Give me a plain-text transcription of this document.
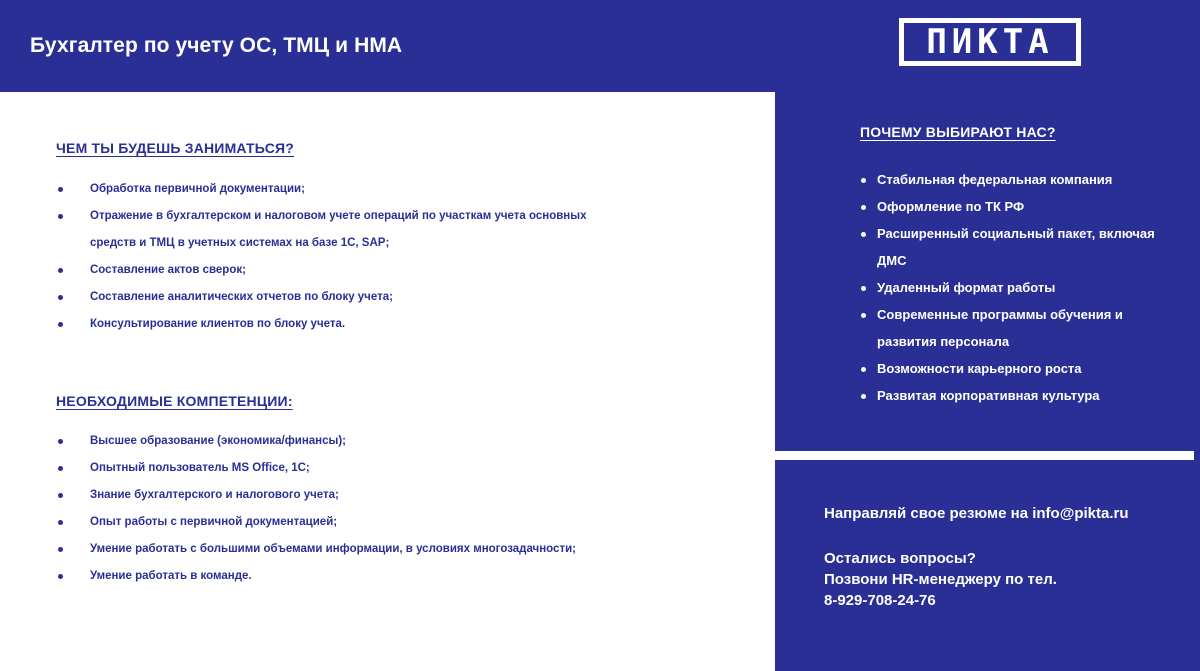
Бухгалтер по учету ОС, ТМЦ и НМА	ПИКТА
ЧЕМ ТЫ БУДЕШЬ ЗАНИМАТЬСЯ?
Обработка первичной документации;
Отражение в бухгалтерском и налоговом учете операций по участкам учета основных средств и ТМЦ в учетных системах на базе 1С, SAP;
Составление актов сверок;
Составление аналитических отчетов по блоку учета;
Консультирование клиентов по блоку учета.
НЕОБХОДИМЫЕ КОМПЕТЕНЦИИ:
Высшее образование (экономика/финансы);
Опытный пользователь MS Office, 1С;
Знание бухгалтерского и налогового учета;
Опыт работы с первичной документацией;
Умение работать с большими объемами информации, в условиях многозадачности;
Умение работать в команде.
ПОЧЕМУ ВЫБИРАЮТ НАС?
Стабильная федеральная компания
Оформление по ТК РФ
Расширенный социальный пакет, включая ДМС
Удаленный формат работы
Современные программы обучения и развития персонала
Возможности карьерного роста
Развитая корпоративная культура

Направляй свое резюме на info@pikta.ru

Остались вопросы?
Позвони HR-менеджеру по тел.
8-929-708-24-76
